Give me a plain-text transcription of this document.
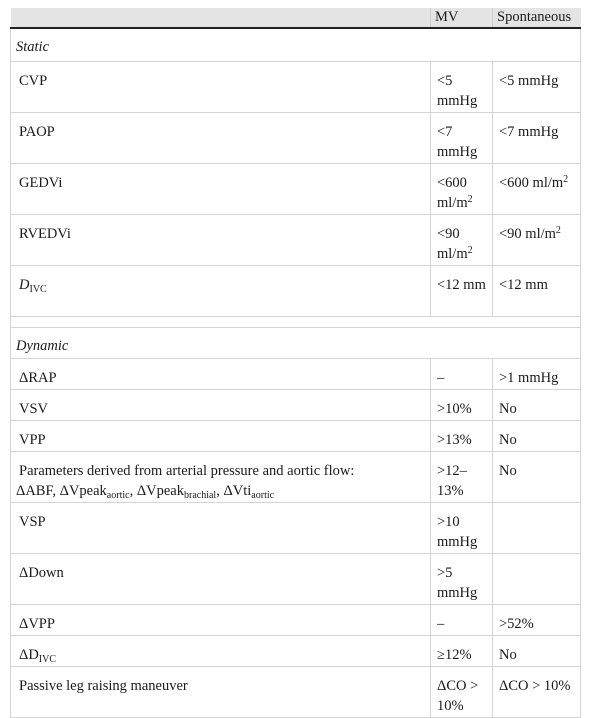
	MV	Spontaneous
Static		
CVP	<5 mmHg	<5 mmHg
PAOP	<7 mmHg	<7 mmHg
GEDVi	<600 $ml/m^2$	<600 $ml/m^2$
RVEDVi	<90 $ml/m^2$	<90 $ml/m^2$
$D_{IVC}$	<12 mm	<12 mm

Dynamic		
ΔRAP	–	>1 mmHg
VSV	>10%	No
VPP	>13%	No

Parameters derived from arterial pressure and aortic flow:
ΔABF, ΔVpeak$_{aortic}$, ΔVpeak$_{brachial}$, ΔVti$_{aortic}$	>12–13%	No
VSP	>10 mmHg	
ΔDown	>5 mmHg	
ΔVPP	–	>52%
$\Delta D_{IVC}$	≥12%	No
Passive leg raising maneuver	ΔCO > 10%	ΔCO > 10%
